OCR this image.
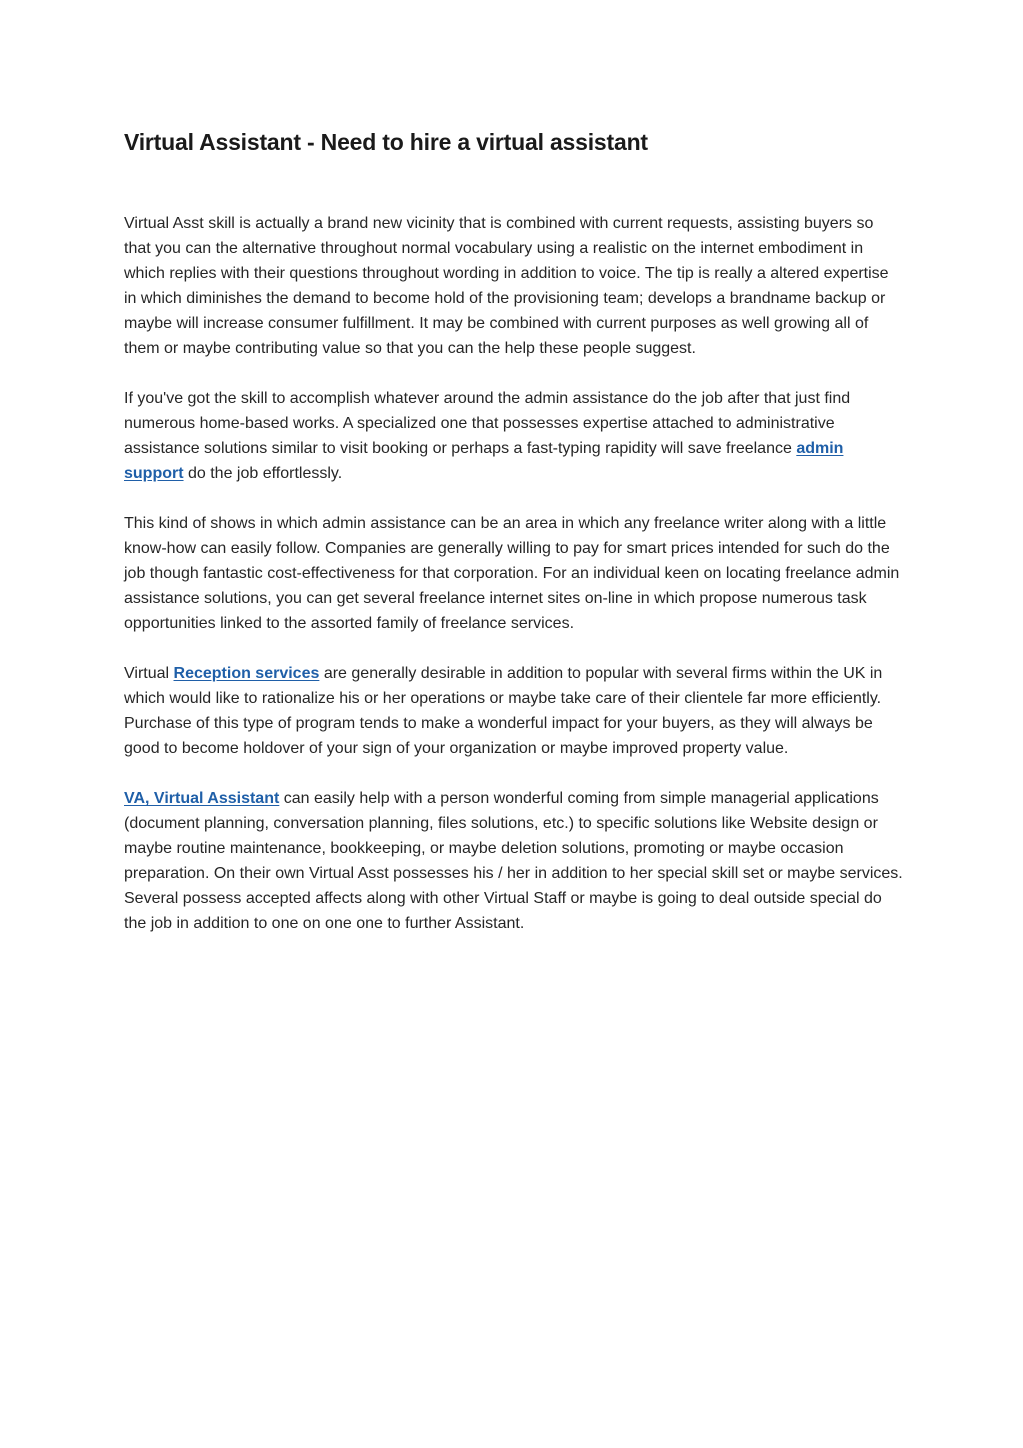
Virtual Assistant - Need to hire a virtual assistant

Virtual Asst skill is actually a brand new vicinity that is combined with current requests, assisting buyers so that you can the alternative throughout normal vocabulary using a realistic on the internet embodiment in which replies with their questions throughout wording in addition to voice. The tip is really a altered expertise in which diminishes the demand to become hold of the provisioning team; develops a brandname backup or maybe will increase consumer fulfillment. It may be combined with current purposes as well growing all of them or maybe contributing value so that you can the help these people suggest.

If you've got the skill to accomplish whatever around the admin assistance do the job after that just find numerous home-based works. A specialized one that possesses expertise attached to administrative assistance solutions similar to visit booking or perhaps a fast-typing rapidity will save freelance admin support do the job effortlessly.

This kind of shows in which admin assistance can be an area in which any freelance writer along with a little know-how can easily follow. Companies are generally willing to pay for smart prices intended for such do the job though fantastic cost-effectiveness for that corporation. For an individual keen on locating freelance admin assistance solutions, you can get several freelance internet sites on-line in which propose numerous task opportunities linked to the assorted family of freelance services.

Virtual Reception services are generally desirable in addition to popular with several firms within the UK in which would like to rationalize his or her operations or maybe take care of their clientele far more efficiently. Purchase of this type of program tends to make a wonderful impact for your buyers, as they will always be good to become holdover of your sign of your organization or maybe improved property value.

VA, Virtual Assistant can easily help with a person wonderful coming from simple managerial applications (document planning, conversation planning, files solutions, etc.) to specific solutions like Website design or maybe routine maintenance, bookkeeping, or maybe deletion solutions, promoting or maybe occasion preparation. On their own Virtual Asst possesses his / her in addition to her special skill set or maybe services. Several possess accepted affects along with other Virtual Staff or maybe is going to deal outside special do the job in addition to one on one one to further Assistant.
